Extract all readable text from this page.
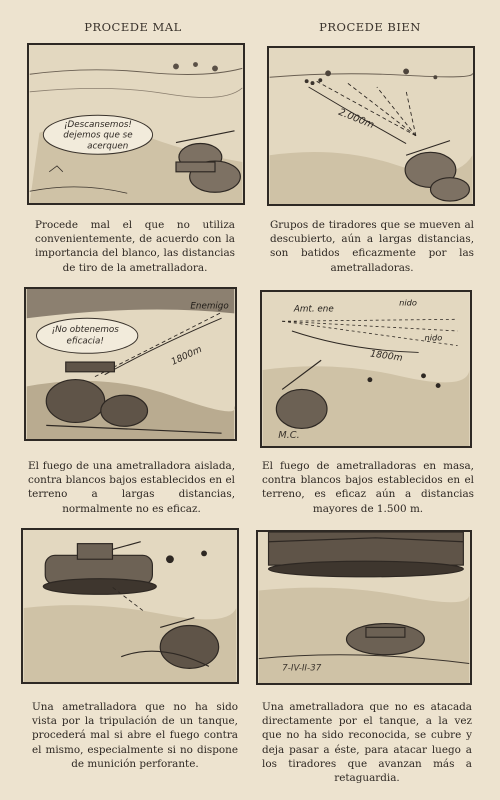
PROCEDE MAL	PROCEDE BIEN
¡Descansemos!
dejemos que se
acerquen
2.000m

Procede mal el que no utiliza convenientemente, de acuerdo con la importancia del blanco, las distancias de tiro de la ametralladora.

Grupos de tiradores que se mueven al descubierto, aún a largas distancias, son batidos eficazmente por las ametralladoras.

Enemigo
¡No obtenemos
eficacia!
1800m
Amt. ene
nido
nido
1800m
M.C.

El fuego de una ametralladora aislada, contra blancos bajos establecidos en el terreno a largas distancias, normalmente no es eficaz.

El fuego de ametralladoras en masa, contra blancos bajos establecidos en el terreno, es eficaz aún a distancias mayores de 1.500 m.

7-IV-II-37

Una ametralladora que no ha sido vista por la tripulación de un tanque, procederá mal si abre el fuego contra el mismo, especialmente si no dispone de munición perforante.

Una ametralladora que no es atacada directamente por el tanque, a la vez que no ha sido reconocida, se cubre y deja pasar a éste, para atacar luego a los tiradores que avanzan más a retaguardia.
